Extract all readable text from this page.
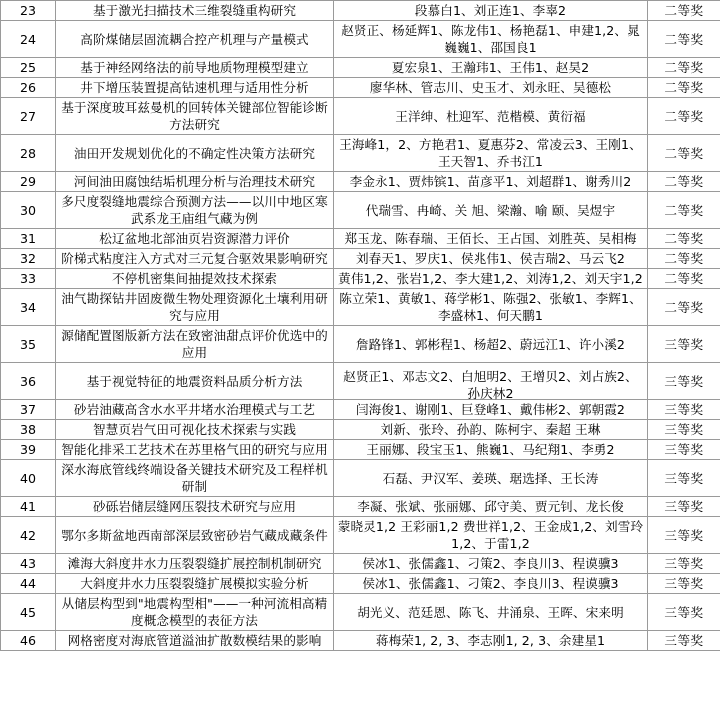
23	基于激光扫描技术三维裂缝重构研究	段慕白1、刘正连1、李辜2	二等奖
24	高阶煤储层固流耦合控产机理与产量模式	赵贤正、杨延辉1、陈龙伟1、杨艳磊1、申建1,2、晁巍巍1、邵国良1	二等奖
25	基于神经网络法的前导地质物理模型建立	夏宏泉1、王瀚玮1、王伟1、赵昊2	二等奖
26	井下增压装置提高钻速机理与适用性分析	廖华林、管志川、史玉才、刘永旺、吴德松	二等奖
27	基于深度玻耳兹曼机的回转体关键部位智能诊断方法研究	王洋绅、杜迎军、范楷模、黄衍福	二等奖
28	油田开发规划优化的不确定性决策方法研究	王海峰1，2、方艳君1、夏惠芬2、常凌云3、王刚1、王天智1、乔书江1	二等奖
29	河间油田腐蚀结垢机理分析与治理技术研究	李金永1、贾炜镔1、苗彦平1、刘超群1、谢秀川2	二等奖
30	多尺度裂缝地震综合预测方法——以川中地区寒武系龙王庙组气藏为例	代瑞雪、冉崎、关 旭、梁瀚、喻 颐、吴煜宇	二等奖
31	松辽盆地北部油页岩资源潜力评价	郑玉龙、陈春瑞、王佰长、王占国、刘胜英、吴相梅	二等奖
32	阶梯式粘度注入方式对三元复合驱效果影响研究	刘春天1、罗庆1、侯兆伟1、侯吉瑞2、马云飞2	二等奖
33	不停机密集间抽提效技术探索	黄伟1,2、张岩1,2、李大建1,2、刘涛1,2、刘天宇1,2	二等奖
34	油气勘探钻井固废微生物处理资源化土壤利用研究与应用	陈立荣1、黄敏1、蒋学彬1、陈强2、张敏1、李辉1、李盛林1、何天鹏1	二等奖
35	源储配置图版新方法在致密油甜点评价优选中的应用	詹路锋1、郭彬程1、杨超2、蔚远江1、许小溪2	三等奖
36	基于视觉特征的地震资料品质分析方法	赵贤正1、邓志文2、白旭明2、王增贝2、刘占族2、孙庆林2	三等奖
37	砂岩油藏高含水水平井堵水治理模式与工艺	闫海俊1、谢刚1、巨登峰1、戴伟彬2、郭朝霞2	三等奖
38	智慧页岩气田可视化技术探索与实践	刘新、张玲、孙韵、陈柯宇、秦超 王琳	三等奖
39	智能化排采工艺技术在苏里格气田的研究与应用	王丽娜、段宝玉1、熊巍1、马纪翔1、李勇2	三等奖
40	深水海底管线终端设备关键技术研究及工程样机研制	石磊、尹汉军、姜瑛、琚选择、王长涛	三等奖
41	砂砾岩储层缝网压裂技术研究与应用	李凝、张斌、张丽娜、邱守美、贾元钊、龙长俊	三等奖
42	鄂尔多斯盆地西南部深层致密砂岩气藏成藏条件	蒙晓灵1,2 王彩丽1,2 费世祥1,2、王金成1,2、刘雪玲1,2、于雷1,2	三等奖
43	滩海大斜度井水力压裂裂缝扩展控制机制研究	侯冰1、张儒鑫1、刁策2、李良川3、程谟骥3	三等奖
44	大斜度井水力压裂裂缝扩展模拟实验分析	侯冰1、张儒鑫1、刁策2、李良川3、程谟骥3	三等奖
45	从储层构型到"地震构型相"——一种河流相高精度概念模型的表征方法	胡光义、范廷恩、陈飞、井涌泉、王晖、宋来明	三等奖
46	网格密度对海底管道溢油扩散数模结果的影响	蒋梅荣1, 2, 3、李志刚1, 2, 3、余建星1	三等奖
